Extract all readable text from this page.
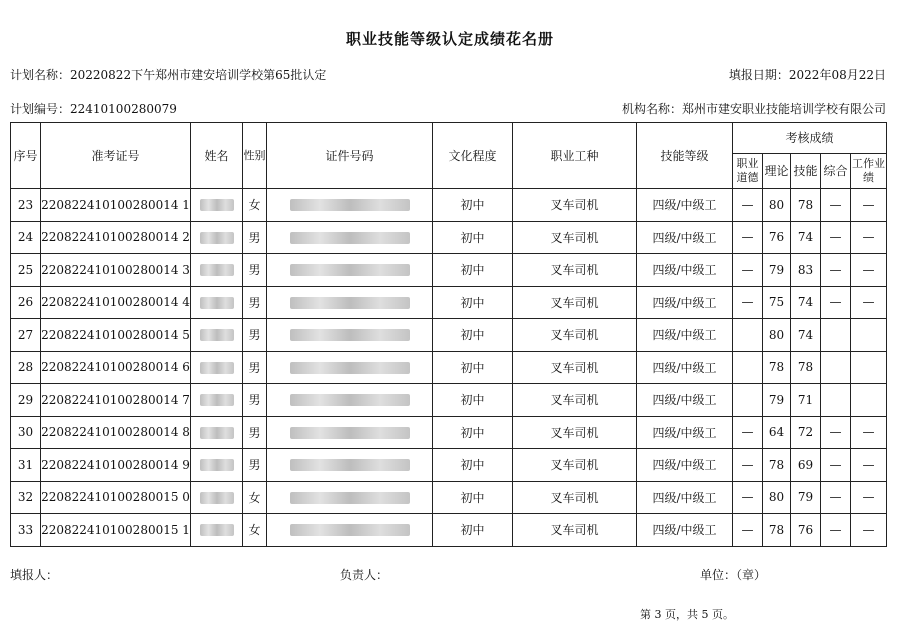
职业技能等级认定成绩花名册
计划名称：20220822下午郑州市建安培训学校第65批认定	填报日期：2022年08月22日
计划编号：22410100280079	机构名称：郑州市建安职业技能培训学校有限公司
序号	准考证号	姓名	性别	证件号码	文化程度	职业工种	技能等级	考核成绩				
								职业道德	理论	技能	综合	工作业绩
23	220822410100280014 1		女		初中	叉车司机	四级/中级工	—	80	78	—	—
24	220822410100280014 2		男		初中	叉车司机	四级/中级工	—	76	74	—	—
25	220822410100280014 3		男		初中	叉车司机	四级/中级工	—	79	83	—	—
26	220822410100280014 4		男		初中	叉车司机	四级/中级工	—	75	74	—	—
27	220822410100280014 5		男		初中	叉车司机	四级/中级工		80	74		
28	220822410100280014 6		男		初中	叉车司机	四级/中级工		78	78		
29	220822410100280014 7		男		初中	叉车司机	四级/中级工		79	71		
30	220822410100280014 8		男		初中	叉车司机	四级/中级工	—	64	72	—	—
31	220822410100280014 9		男		初中	叉车司机	四级/中级工	—	78	69	—	—
32	220822410100280015 0		女		初中	叉车司机	四级/中级工	—	80	79	—	—
33	220822410100280015 1		女		初中	叉车司机	四级/中级工	—	78	76	—	—
填报人：	负责人：	单位：（章）
第 3 页，共 5 页。
